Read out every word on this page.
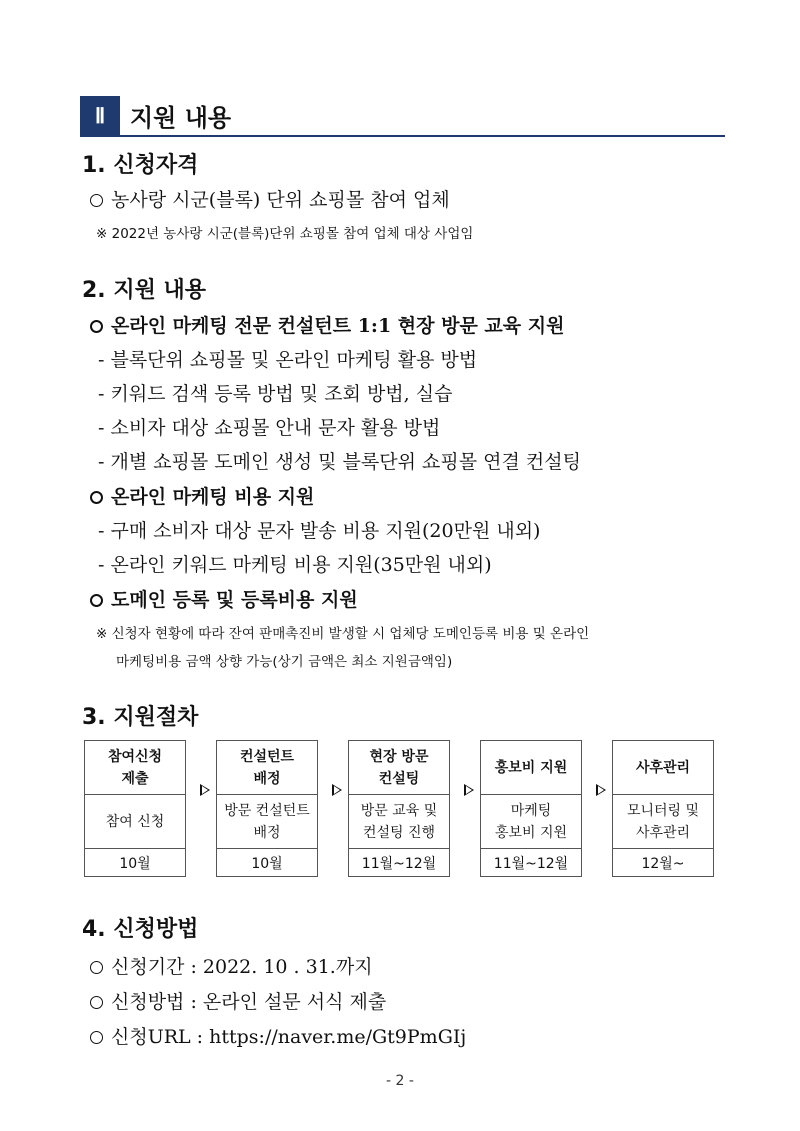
Ⅱ	지원 내용
1. 신청자격
농사랑 시군(블록) 단위 쇼핑몰 참여 업체
※ 2022년 농사랑 시군(블록)단위 쇼핑몰 참여 업체 대상 사업임
2. 지원 내용
온라인 마케팅 전문 컨설턴트 1:1 현장 방문 교육 지원
- 블록단위 쇼핑몰 및 온라인 마케팅 활용 방법
- 키워드 검색 등록 방법 및 조회 방법, 실습
- 소비자 대상 쇼핑몰 안내 문자 활용 방법
- 개별 쇼핑몰 도메인 생성 및 블록단위 쇼핑몰 연결 컨설팅
온라인 마케팅 비용 지원
- 구매 소비자 대상 문자 발송 비용 지원(20만원 내외)
- 온라인 키워드 마케팅 비용 지원(35만원 내외)
도메인 등록 및 등록비용 지원
※ 신청자 현황에 따라 잔여 판매촉진비 발생할 시 업체당 도메인등록 비용 및 온라인
마케팅비용 금액 상향 가능(상기 금액은 최소 지원금액임)
3. 지원절차
참여신청
제출
참여 신청
10월
컨설턴트
배정
방문 컨설턴트
배정
10월
현장 방문
컨설팅
방문 교육 및
컨설팅 진행
11월~12월
홍보비 지원
마케팅
홍보비 지원
11월~12월
사후관리
모니터링 및
사후관리
12월~
4. 신청방법
신청기간 : 2022. 10 . 31.까지
신청방법 : 온라인 설문 서식 제출
신청URL : https://naver.me/Gt9PmGIj
- 2 -
